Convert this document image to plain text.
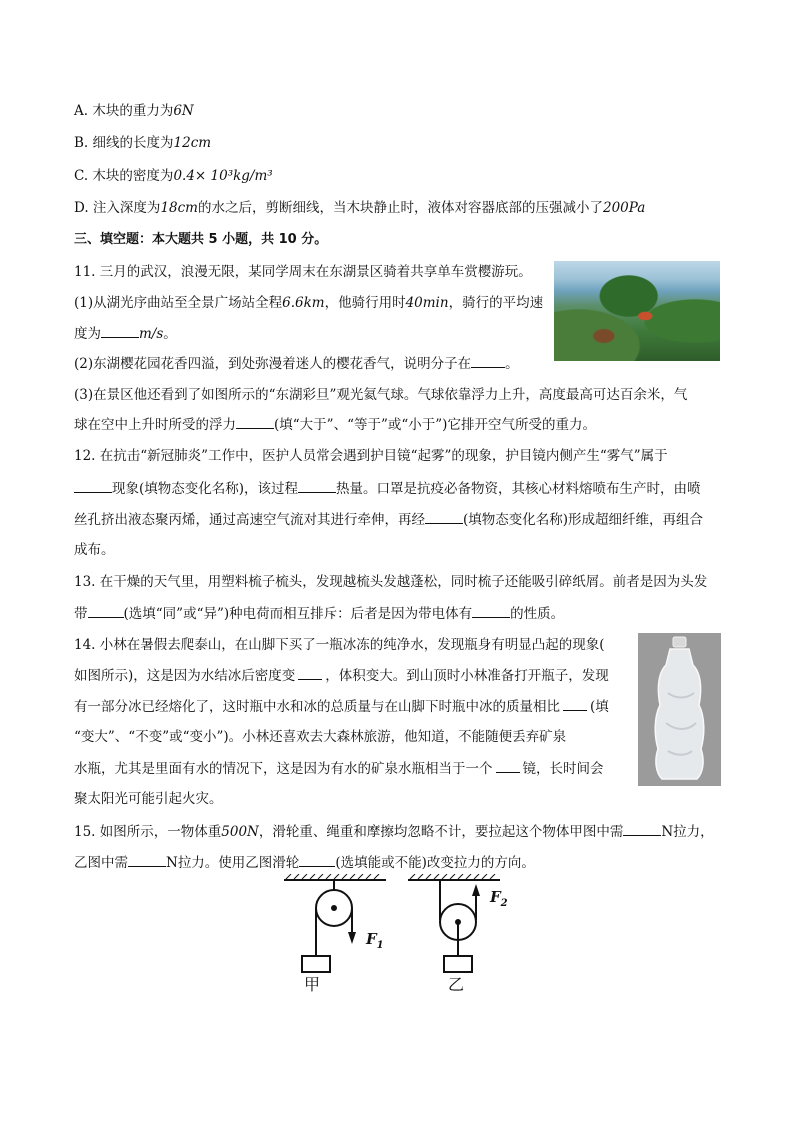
A. 木块的重力为6N
B. 细线的长度为12cm
C. 木块的密度为0.4× 10³kg/m³
D. 注入深度为18cm的水之后，剪断细线，当木块静止时，液体对容器底部的压强减小了200Pa
三、填空题：本大题共 5 小题，共 10 分。
11. 三月的武汉，浪漫无限，某同学周末在东湖景区骑着共享单车赏樱游玩。
(1)从湖光序曲站至全景广场站全程6.6km，他骑行用时40min，骑行的平均速
度为	m/s。
(2)东湖樱花园花香四溢，到处弥漫着迷人的樱花香气，说明分子在	。
(3)在景区他还看到了如图所示的“东湖彩旦”观光氦气球。气球依靠浮力上升，高度最高可达百余米，气
球在空中上升时所受的浮力	(填“大于”、“等于”或“小于”)它排开空气所受的重力。
12. 在抗击“新冠肺炎”工作中，医护人员常会遇到护目镜“起雾”的现象，护目镜内侧产生“雾气”属于
现象(填物态变化名称)，该过程	热量。口罩是抗疫必备物资，其核心材料熔喷布生产时，由喷
丝孔挤出液态聚丙烯，通过高速空气流对其进行牵伸，再经	(填物态变化名称)形成超细纤维，再组合
成布。
13. 在干燥的天气里，用塑料梳子梳头，发现越梳头发越蓬松，同时梳子还能吸引碎纸屑。前者是因为头发
带	(选填“同”或“异”)种电荷而相互排斥：后者是因为带电体有	的性质。
14. 小林在暑假去爬泰山，在山脚下买了一瓶冰冻的纯净水，发现瓶身有明显凸起的现象(
如图所示)，这是因为水结冰后密度变 ，体积变大。到山顶时小林准备打开瓶子，发现
有一部分冰已经熔化了，这时瓶中水和冰的总质量与在山脚下时瓶中冰的质量相比 (填
“变大”、“不变”或“变小”)。小林还喜欢去大森林旅游，他知道，不能随便丢弃矿泉
水瓶，尤其是里面有水的情况下，这是因为有水的矿泉水瓶相当于一个 镜，长时间会
聚太阳光可能引起火灾。
15. 如图所示，一物体重500N，滑轮重、绳重和摩擦均忽略不计，要拉起这个物体甲图中需	N拉力，
乙图中需	N拉力。使用乙图滑轮	(选填能或不能)改变拉力的方向。
$F_1$
$F_2$
甲	乙
